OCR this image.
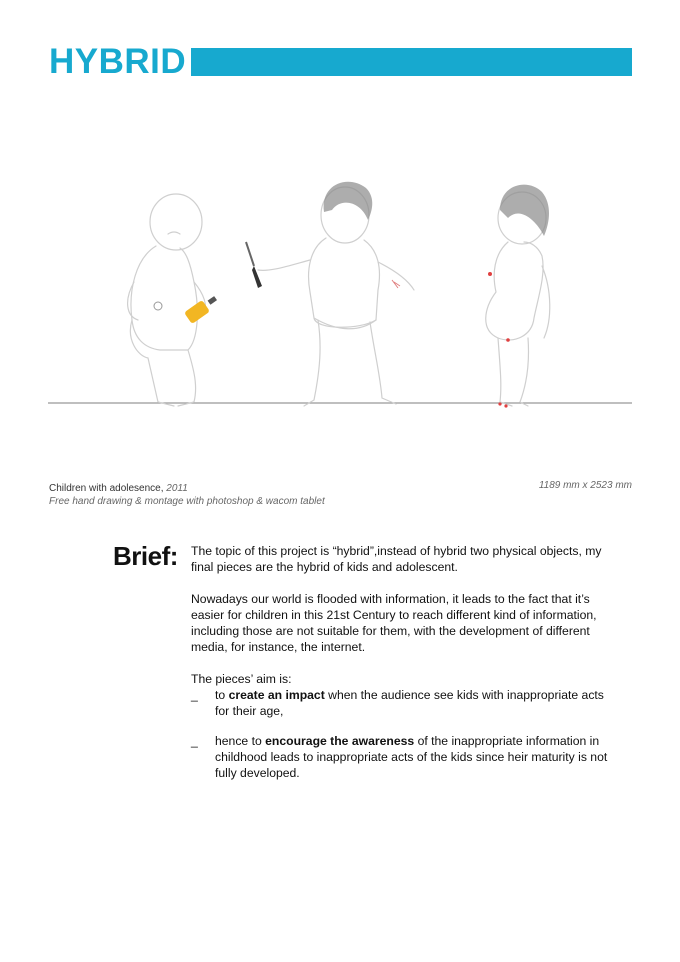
HYBRID
Children with adolesence, 2011	1189 mm x 2523 mm
Free hand drawing & montage with photoshop & wacom tablet
Brief: The topic of this project is “hybrid”,instead of hybrid two physical objects, my final pieces are the hybrid of kids and adolescent.

Nowadays our world is flooded with information, it leads to the fact that it’s easier for children in this 21st Century to reach different kind of information, including those are not suitable for them, with the development of different media, for instance, the internet.

The pieces’ aim is:

_ to create an impact when the audience see kids with inappropriate acts for their age,
_ hence to encourage the awareness of the inappropriate information in childhood leads to inappropriate acts of the kids since heir maturity is not fully developed.
